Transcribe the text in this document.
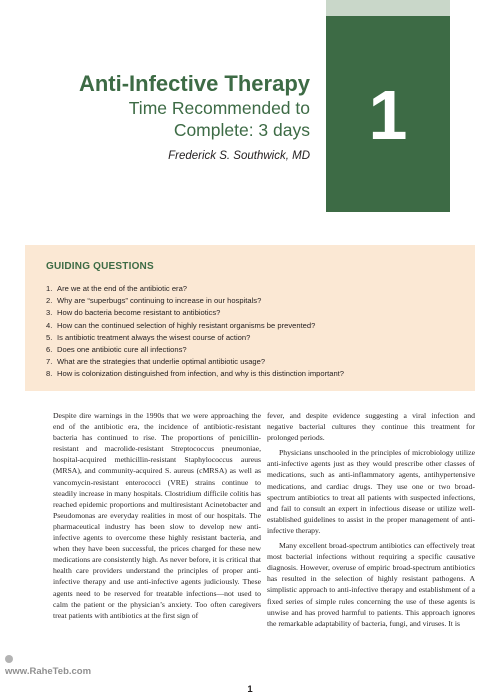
1
Anti-Infective Therapy
Time Recommended to
Complete: 3 days
Frederick S. Southwick, MD
GUIDING QUESTIONS
1. Are we at the end of the antibiotic era?
2. Why are “superbugs” continuing to increase in our hospitals?
3. How do bacteria become resistant to antibiotics?
4. How can the continued selection of highly resistant organisms be prevented?
5. Is antibiotic treatment always the wisest course of action?
6. Does one antibiotic cure all infections?
7. What are the strategies that underlie optimal antibiotic usage?
8. How is colonization distinguished from infection, and why is this distinction important?

Despite dire warnings in the 1990s that we were approaching the end of the antibiotic era, the incidence of antibiotic-resistant bacteria has continued to rise. The proportions of penicillin-resistant and macrolide-resistant Streptococcus pneumoniae, hospital-acquired methicillin-resistant Staphylococcus aureus (MRSA), and community-acquired S. aureus (cMRSA) as well as vancomycin-resistant enterococci (VRE) strains continue to steadily increase in many hospitals. Clostridium difficile colitis has reached epidemic proportions and multiresistant Acinetobacter and Pseudomonas are everyday realities in most of our hospitals. The pharmaceutical industry has been slow to develop new anti-infective agents to overcome these highly resistant bacteria, and when they have been successful, the prices charged for these new medications are consistently high. As never before, it is critical that health care providers understand the principles of proper anti-infective therapy and use anti-infective agents judiciously. These agents need to be reserved for treatable infections—not used to calm the patient or the physician’s anxiety. Too often caregivers treat patients with antibiotics at the first sign of

fever, and despite evidence suggesting a viral infection and negative bacterial cultures they continue this treatment for prolonged periods.

Physicians unschooled in the principles of microbiology utilize anti-infective agents just as they would prescribe other classes of medications, such as anti-inflammatory agents, antihypertensive medications, and cardiac drugs. They use one or two broad-spectrum antibiotics to treat all patients with suspected infections, and fail to consult an expert in infectious disease or utilize well-established guidelines to assist in the proper management of anti-infective therapy.

Many excellent broad-spectrum antibiotics can effectively treat most bacterial infections without requiring a specific causative diagnosis. However, overuse of empiric broad-spectrum antibiotics has resulted in the selection of highly resistant pathogens. A simplistic approach to anti-infective therapy and establishment of a fixed series of simple rules concerning the use of these agents is unwise and has proved harmful to patients. This approach ignores the remarkable adaptability of bacteria, fungi, and viruses. It is

www.RaheTeb.com
1
